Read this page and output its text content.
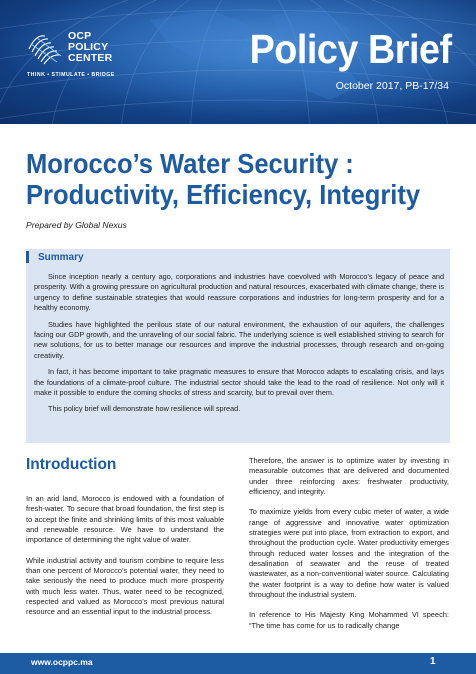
OCP
POLICY
CENTER
THINK • STIMULATE • BRIDGE
Policy Brief
October 2017, PB-17/34
Morocco’s Water Security :
Productivity, Efficiency, Integrity
Prepared by Global Nexus
Summary

Since inception nearly a century ago, corporations and industries have coevolved with Morocco’s legacy of peace and prosperity. With a growing pressure on agricultural production and natural resources, exacerbated with climate change, there is urgency to define sustainable strategies that would reassure corporations and industries for long-term prosperity and for a healthy economy.

Studies have highlighted the perilous state of our natural environment, the exhaustion of our aquifers, the challenges facing our GDP growth, and the unraveling of our social fabric. The underlying science is well established striving to search for new solutions, for us to better manage our resources and improve the industrial processes, through research and on-going creativity.

In fact, it has become important to take pragmatic measures to ensure that Morocco adapts to escalating crisis, and lays the foundations of a climate-proof culture. The industrial sector should take the lead to the road of resilience. Not only will it make it possible to endure the coming shocks of stress and scarcity, but to prevail over them.

This policy brief will demonstrate how resilience will spread.

Introduction

In an arid land, Morocco is endowed with a foundation of fresh-water. To secure that broad foundation, the first step is to accept the finite and shrinking limits of this most valuable and renewable resource. We have to understand the importance of determining the right value of water.

While industrial activity and tourism combine to require less than one percent of Morocco’s potential water, they need to take seriously the need to produce much more prosperity with much less water. Thus, water need to be recognized, respected and valued as Morocco’s most previous natural resource and an essential input to the industrial process.

Therefore, the answer is to optimize water by investing in measurable outcomes that are delivered and documented under three reinforcing axes: freshwater productivity, efficiency, and integrity.

To maximize yields from every cubic meter of water, a wide range of aggressive and innovative water optimization strategies were put into place, from extraction to export, and throughout the production cycle. Water productivity emerges through reduced water losses and the integration of the desalination of seawater and the reuse of treated wastewater, as a non-conventional water source. Calculating the water footprint is a way to define how water is valued throughout the industrial system.

In reference to His Majesty King Mohammed VI speech: “The time has come for us to radically change

www.ocppc.ma	1
